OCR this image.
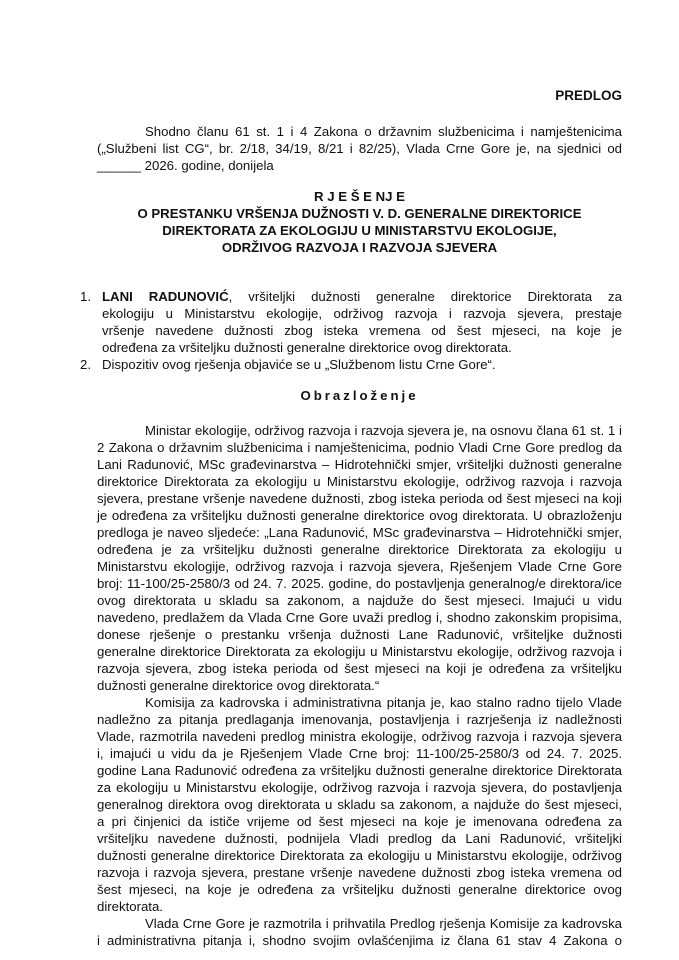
PREDLOG
Shodno članu 61 st. 1 i 4 Zakona o državnim službenicima i namještenicima
(„Službeni list CG“, br. 2/18, 34/19, 8/21 i 82/25), Vlada Crne Gore je, na sjednici od
______ 2026. godine, donijela
R J E Š E NJ E
O PRESTANKU VRŠENJA DUŽNOSTI V. D. GENERALNE DIREKTORICE
DIREKTORATA ZA EKOLOGIJU U MINISTARSTVU EKOLOGIJE,
ODRŽIVOG RAZVOJA I RAZVOJA SJEVERA
1. LANI RADUNOVIĆ, vršiteljki dužnosti generalne direktorice Direktorata za
ekologiju u Ministarstvu ekologije, održivog razvoja i razvoja sjevera, prestaje
vršenje navedene dužnosti zbog isteka vremena od šest mjeseci, na koje je
određena za vršiteljku dužnosti generalne direktorice ovog direktorata.
2. Dispozitiv ovog rješenja objaviće se u „Službenom listu Crne Gore“.
Obrazloženje
Ministar ekologije, održivog razvoja i razvoja sjevera je, na osnovu člana 61 st. 1 i
2 Zakona o državnim službenicima i namještenicima, podnio Vladi Crne Gore predlog da
Lani Radunović, MSc građevinarstva – Hidrotehnički smjer, vršiteljki dužnosti generalne
direktorice Direktorata za ekologiju u Ministarstvu ekologije, održivog razvoja i razvoja
sjevera, prestane vršenje navedene dužnosti, zbog isteka perioda od šest mjeseci na koji
je određena za vršiteljku dužnosti generalne direktorice ovog direktorata. U obrazloženju
predloga je naveo sljedeće: „Lana Radunović, MSc građevinarstva – Hidrotehnički smjer,
određena je za vršiteljku dužnosti generalne direktorice Direktorata za ekologiju u
Ministarstvu ekologije, održivog razvoja i razvoja sjevera, Rješenjem Vlade Crne Gore
broj: 11-100/25-2580/3 od 24. 7. 2025. godine, do postavljenja generalnog/e direktora/ice
ovog direktorata u skladu sa zakonom, a najduže do šest mjeseci. Imajući u vidu
navedeno, predlažem da Vlada Crne Gore uvaži predlog i, shodno zakonskim propisima,
donese rješenje o prestanku vršenja dužnosti Lane Radunović, vršiteljke dužnosti
generalne direktorice Direktorata za ekologiju u Ministarstvu ekologije, održivog razvoja i
razvoja sjevera, zbog isteka perioda od šest mjeseci na koji je određena za vršiteljku
dužnosti generalne direktorice ovog direktorata.“
Komisija za kadrovska i administrativna pitanja je, kao stalno radno tijelo Vlade
nadležno za pitanja predlaganja imenovanja, postavljenja i razrješenja iz nadležnosti
Vlade, razmotrila navedeni predlog ministra ekologije, održivog razvoja i razvoja sjevera
i, imajući u vidu da je Rješenjem Vlade Crne broj: 11-100/25-2580/3 od 24. 7. 2025.
godine Lana Radunović određena za vršiteljku dužnosti generalne direktorice Direktorata
za ekologiju u Ministarstvu ekologije, održivog razvoja i razvoja sjevera, do postavljenja
generalnog direktora ovog direktorata u skladu sa zakonom, a najduže do šest mjeseci,
a pri činjenici da ističe vrijeme od šest mjeseci na koje je imenovana određena za
vršiteljku navedene dužnosti, podnijela Vladi predlog da Lani Radunović, vršiteljki
dužnosti generalne direktorice Direktorata za ekologiju u Ministarstvu ekologije, održivog
razvoja i razvoja sjevera, prestane vršenje navedene dužnosti zbog isteka vremena od
šest mjeseci, na koje je određena za vršiteljku dužnosti generalne direktorice ovog
direktorata.
Vlada Crne Gore je razmotrila i prihvatila Predlog rješenja Komisije za kadrovska
i administrativna pitanja i, shodno svojim ovlašćenjima iz člana 61 stav 4 Zakona o
